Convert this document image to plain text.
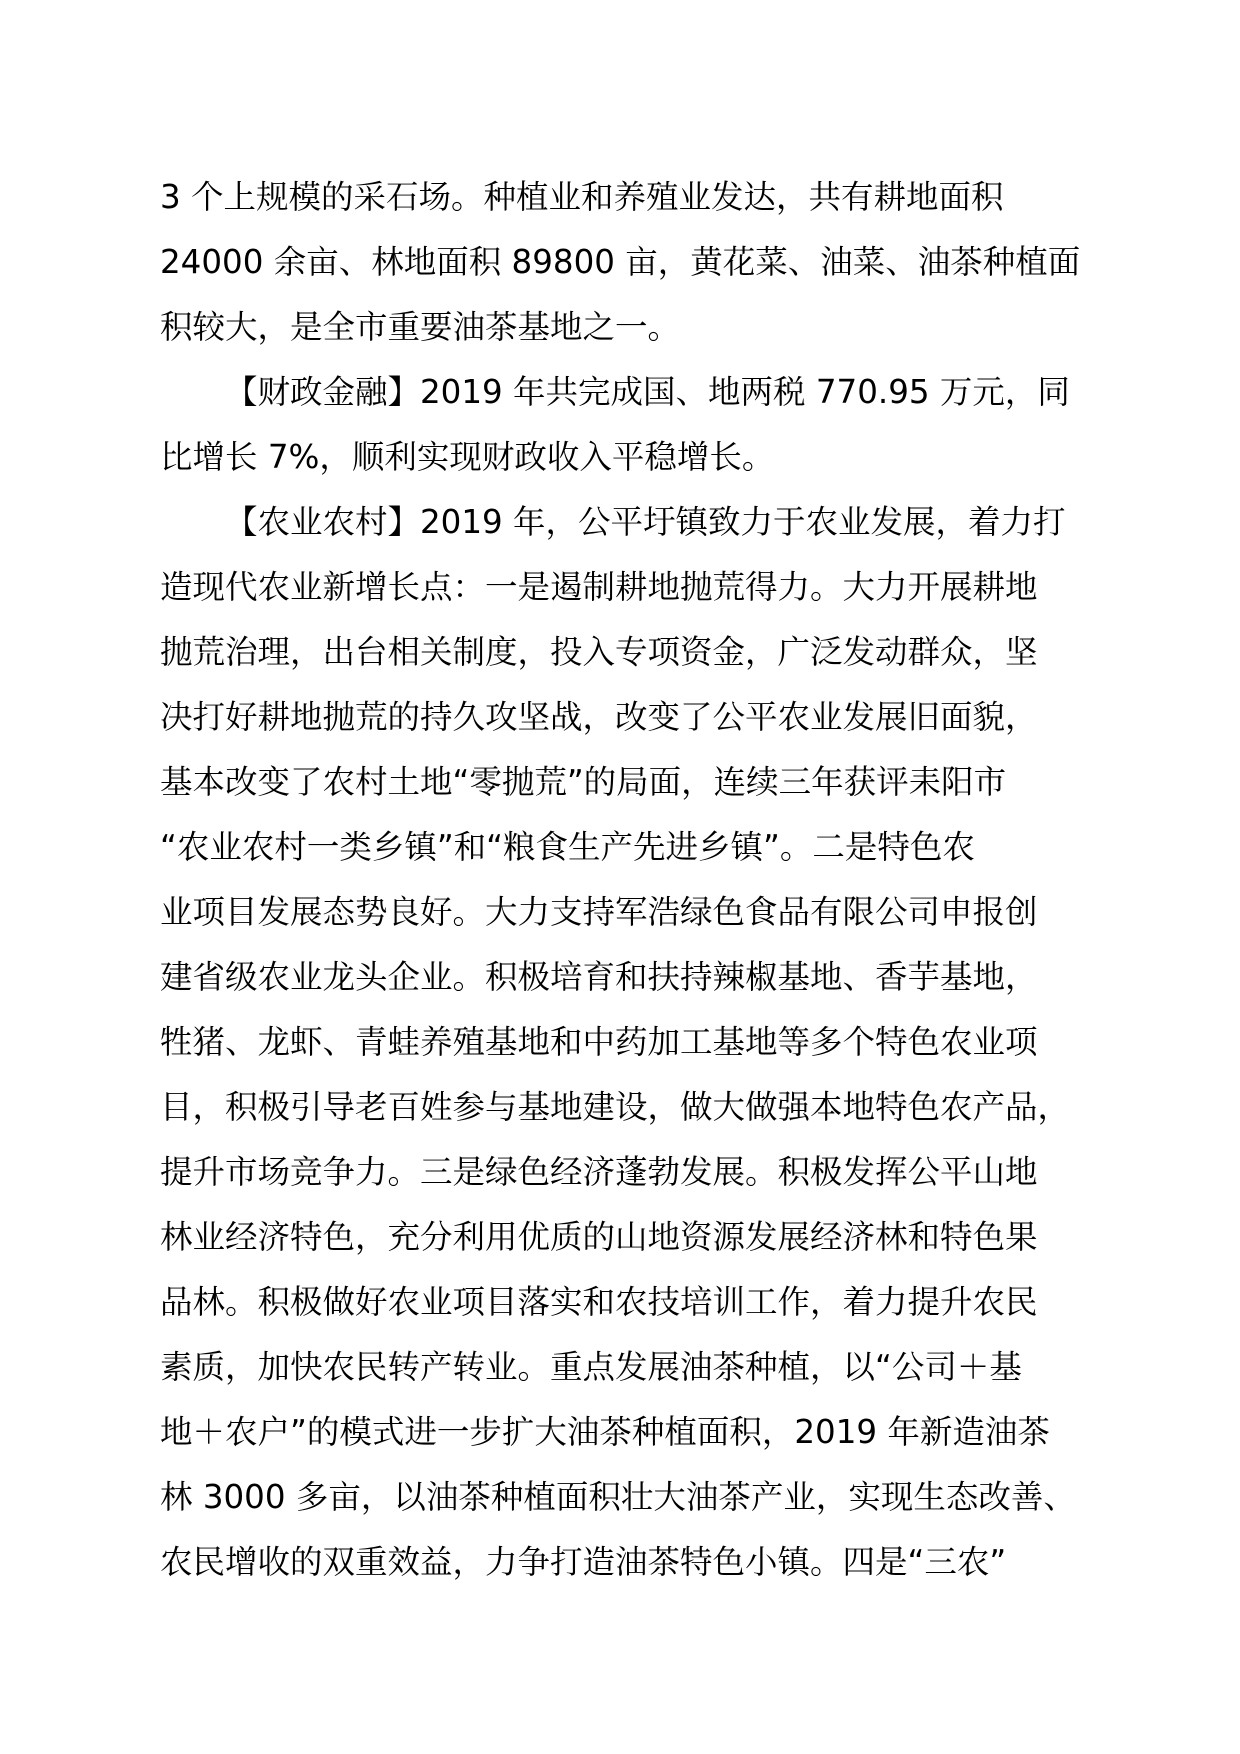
3 个上规模的采石场。种植业和养殖业发达，共有耕地面积
24000 余亩、林地面积 89800 亩，黄花菜、油菜、油茶种植面
积较大，是全市重要油茶基地之一。
【财政金融】2019 年共完成国、地两税 770.95 万元，同
比增长 7%，顺利实现财政收入平稳增长。
【农业农村】2019 年，公平圩镇致力于农业发展，着力打
造现代农业新增长点：一是遏制耕地抛荒得力。大力开展耕地
抛荒治理，出台相关制度，投入专项资金，广泛发动群众，坚
决打好耕地抛荒的持久攻坚战，改变了公平农业发展旧面貌，
基本改变了农村土地“零抛荒”的局面，连续三年获评耒阳市
“农业农村一类乡镇”和“粮食生产先进乡镇”。二是特色农
业项目发展态势良好。大力支持军浩绿色食品有限公司申报创
建省级农业龙头企业。积极培育和扶持辣椒基地、香芋基地，
牲猪、龙虾、青蛙养殖基地和中药加工基地等多个特色农业项
目，积极引导老百姓参与基地建设，做大做强本地特色农产品，
提升市场竞争力。三是绿色经济蓬勃发展。积极发挥公平山地
林业经济特色，充分利用优质的山地资源发展经济林和特色果
品林。积极做好农业项目落实和农技培训工作，着力提升农民
素质，加快农民转产转业。重点发展油茶种植，以“公司＋基
地＋农户”的模式进一步扩大油茶种植面积，2019 年新造油茶
林 3000 多亩，以油茶种植面积壮大油茶产业，实现生态改善、
农民增收的双重效益，力争打造油茶特色小镇。四是“三农”
